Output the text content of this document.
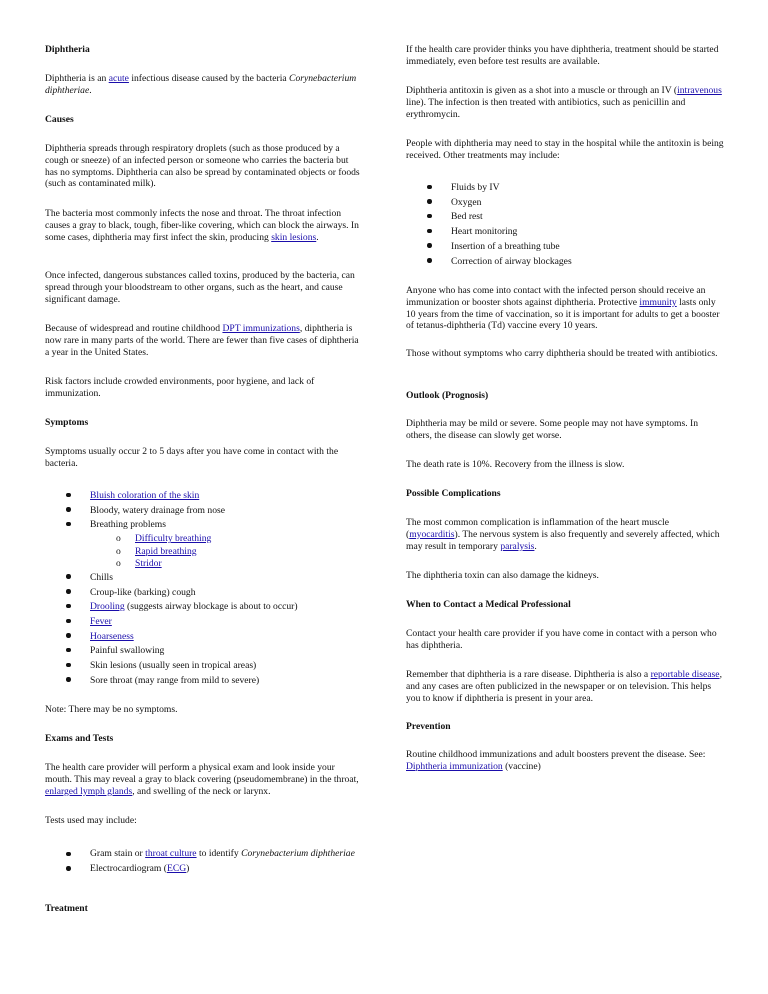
Diphtheria

Diphtheria is an acute infectious disease caused by the bacteria Corynebacterium diphtheriae.

Causes

Diphtheria spreads through respiratory droplets (such as those produced by a cough or sneeze) of an infected person or someone who carries the bacteria but has no symptoms. Diphtheria can also be spread by contaminated objects or foods (such as contaminated milk).

The bacteria most commonly infects the nose and throat. The throat infection causes a gray to black, tough, fiber-like covering, which can block the airways. In some cases, diphtheria may first infect the skin, producing skin lesions.

Once infected, dangerous substances called toxins, produced by the bacteria, can spread through your bloodstream to other organs, such as the heart, and cause significant damage.

Because of widespread and routine childhood DPT immunizations, diphtheria is now rare in many parts of the world. There are fewer than five cases of diphtheria a year in the United States.

Risk factors include crowded environments, poor hygiene, and lack of immunization.

Symptoms

Symptoms usually occur 2 to 5 days after you have come in contact with the bacteria.

Bluish coloration of the skin
Bloody, watery drainage from nose
Breathing problems
o Difficulty breathing
o Rapid breathing
o Stridor
Chills
Croup-like (barking) cough
Drooling (suggests airway blockage is about to occur)
Fever
Hoarseness
Painful swallowing
Skin lesions (usually seen in tropical areas)
Sore throat (may range from mild to severe)

Note: There may be no symptoms.

Exams and Tests

The health care provider will perform a physical exam and look inside your mouth. This may reveal a gray to black covering (pseudomembrane) in the throat, enlarged lymph glands, and swelling of the neck or larynx.

Tests used may include:

Gram stain or throat culture to identify Corynebacterium diphtheriae
Electrocardiogram (ECG)

Treatment

If the health care provider thinks you have diphtheria, treatment should be started immediately, even before test results are available.

Diphtheria antitoxin is given as a shot into a muscle or through an IV (intravenous line). The infection is then treated with antibiotics, such as penicillin and erythromycin.

People with diphtheria may need to stay in the hospital while the antitoxin is being received. Other treatments may include:

Fluids by IV
Oxygen
Bed rest
Heart monitoring
Insertion of a breathing tube
Correction of airway blockages

Anyone who has come into contact with the infected person should receive an immunization or booster shots against diphtheria. Protective immunity lasts only 10 years from the time of vaccination, so it is important for adults to get a booster of tetanus-diphtheria (Td) vaccine every 10 years.

Those without symptoms who carry diphtheria should be treated with antibiotics.

Outlook (Prognosis)

Diphtheria may be mild or severe. Some people may not have symptoms. In others, the disease can slowly get worse.

The death rate is 10%. Recovery from the illness is slow.

Possible Complications

The most common complication is inflammation of the heart muscle (myocarditis). The nervous system is also frequently and severely affected, which may result in temporary paralysis.

The diphtheria toxin can also damage the kidneys.

When to Contact a Medical Professional

Contact your health care provider if you have come in contact with a person who has diphtheria.

Remember that diphtheria is a rare disease. Diphtheria is also a reportable disease, and any cases are often publicized in the newspaper or on television. This helps you to know if diphtheria is present in your area.

Prevention

Routine childhood immunizations and adult boosters prevent the disease. See: Diphtheria immunization (vaccine)
